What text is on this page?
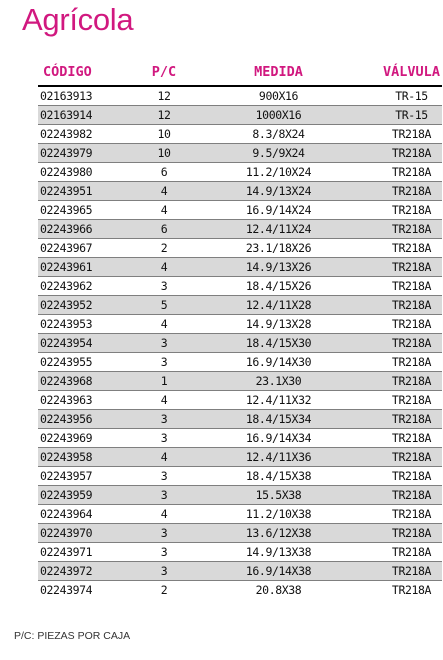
Agrícola
CÓDIGO	P/C	MEDIDA	VÁLVULA
02163913	12	900X16	TR-15
02163914	12	1000X16	TR-15
02243982	10	8.3/8X24	TR218A
02243979	10	9.5/9X24	TR218A
02243980	6	11.2/10X24	TR218A
02243951	4	14.9/13X24	TR218A
02243965	4	16.9/14X24	TR218A
02243966	6	12.4/11X24	TR218A
02243967	2	23.1/18X26	TR218A
02243961	4	14.9/13X26	TR218A
02243962	3	18.4/15X26	TR218A
02243952	5	12.4/11X28	TR218A
02243953	4	14.9/13X28	TR218A
02243954	3	18.4/15X30	TR218A
02243955	3	16.9/14X30	TR218A
02243968	1	23.1X30	TR218A
02243963	4	12.4/11X32	TR218A
02243956	3	18.4/15X34	TR218A
02243969	3	16.9/14X34	TR218A
02243958	4	12.4/11X36	TR218A
02243957	3	18.4/15X38	TR218A
02243959	3	15.5X38	TR218A
02243964	4	11.2/10X38	TR218A
02243970	3	13.6/12X38	TR218A
02243971	3	14.9/13X38	TR218A
02243972	3	16.9/14X38	TR218A
02243974	2	20.8X38	TR218A
P/C: PIEZAS POR CAJA
